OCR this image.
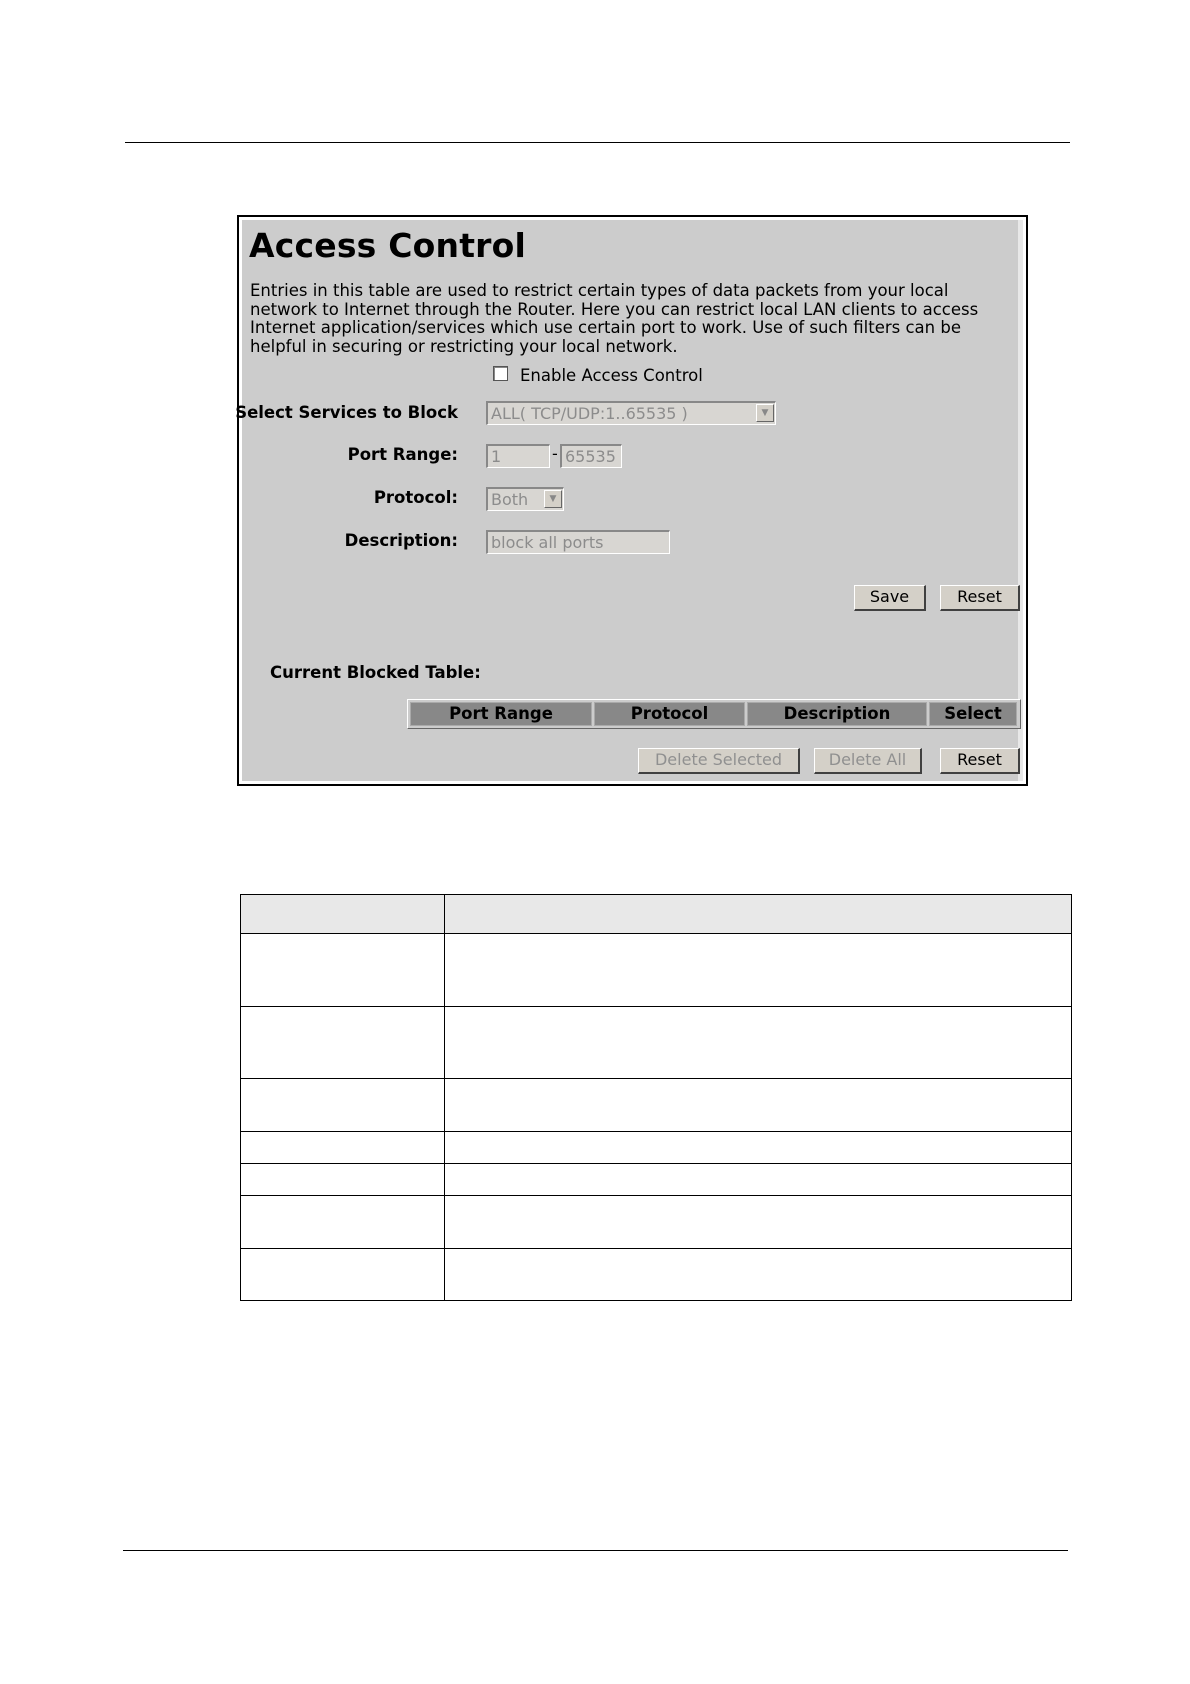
Access Control

Entries in this table are used to restrict certain types of data packets from your local network to Internet through the Router. Here you can restrict local LAN clients to access Internet application/services which use certain port to work. Use of such filters can be helpful in securing or restricting your local network.

Enable Access Control
Select Services to Block	ALL( TCP/UDP:1..65535 )	▼
Port Range:	1	- 65535
Protocol:	Both	▼
Description:	block all ports
Save	Reset
Current Blocked Table:
Port Range	Protocol	Description	Select
Delete Selected	Delete All	Reset
